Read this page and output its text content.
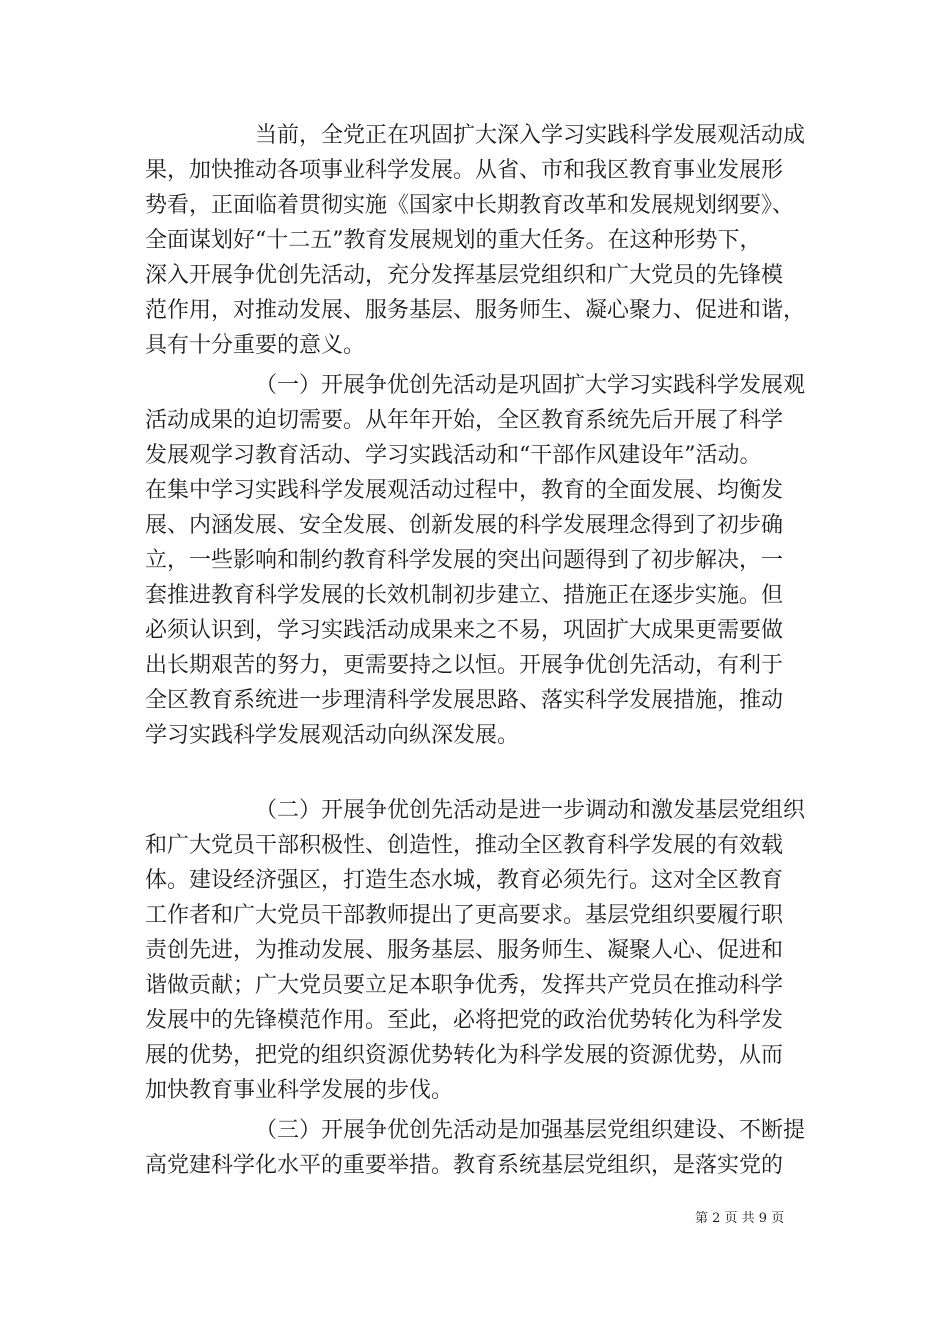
当前，全党正在巩固扩大深入学习实践科学发展观活动成
果，加快推动各项事业科学发展。从省、市和我区教育事业发展形
势看，正面临着贯彻实施《国家中长期教育改革和发展规划纲要》、
全面谋划好“十二五”教育发展规划的重大任务。在这种形势下，
深入开展争优创先活动，充分发挥基层党组织和广大党员的先锋模
范作用，对推动发展、服务基层、服务师生、凝心聚力、促进和谐，
具有十分重要的意义。
（一）开展争优创先活动是巩固扩大学习实践科学发展观
活动成果的迫切需要。从年年开始，全区教育系统先后开展了科学
发展观学习教育活动、学习实践活动和“干部作风建设年”活动。
在集中学习实践科学发展观活动过程中，教育的全面发展、均衡发
展、内涵发展、安全发展、创新发展的科学发展理念得到了初步确
立，一些影响和制约教育科学发展的突出问题得到了初步解决，一
套推进教育科学发展的长效机制初步建立、措施正在逐步实施。但
必须认识到，学习实践活动成果来之不易，巩固扩大成果更需要做
出长期艰苦的努力，更需要持之以恒。开展争优创先活动，有利于
全区教育系统进一步理清科学发展思路、落实科学发展措施，推动
学习实践科学发展观活动向纵深发展。
（二）开展争优创先活动是进一步调动和激发基层党组织
和广大党员干部积极性、创造性，推动全区教育科学发展的有效载
体。建设经济强区，打造生态水城，教育必须先行。这对全区教育
工作者和广大党员干部教师提出了更高要求。基层党组织要履行职
责创先进，为推动发展、服务基层、服务师生、凝聚人心、促进和
谐做贡献；广大党员要立足本职争优秀，发挥共产党员在推动科学
发展中的先锋模范作用。至此，必将把党的政治优势转化为科学发
展的优势，把党的组织资源优势转化为科学发展的资源优势，从而
加快教育事业科学发展的步伐。
（三）开展争优创先活动是加强基层党组织建设、不断提
高党建科学化水平的重要举措。教育系统基层党组织，是落实党的
第 2 页 共 9 页
